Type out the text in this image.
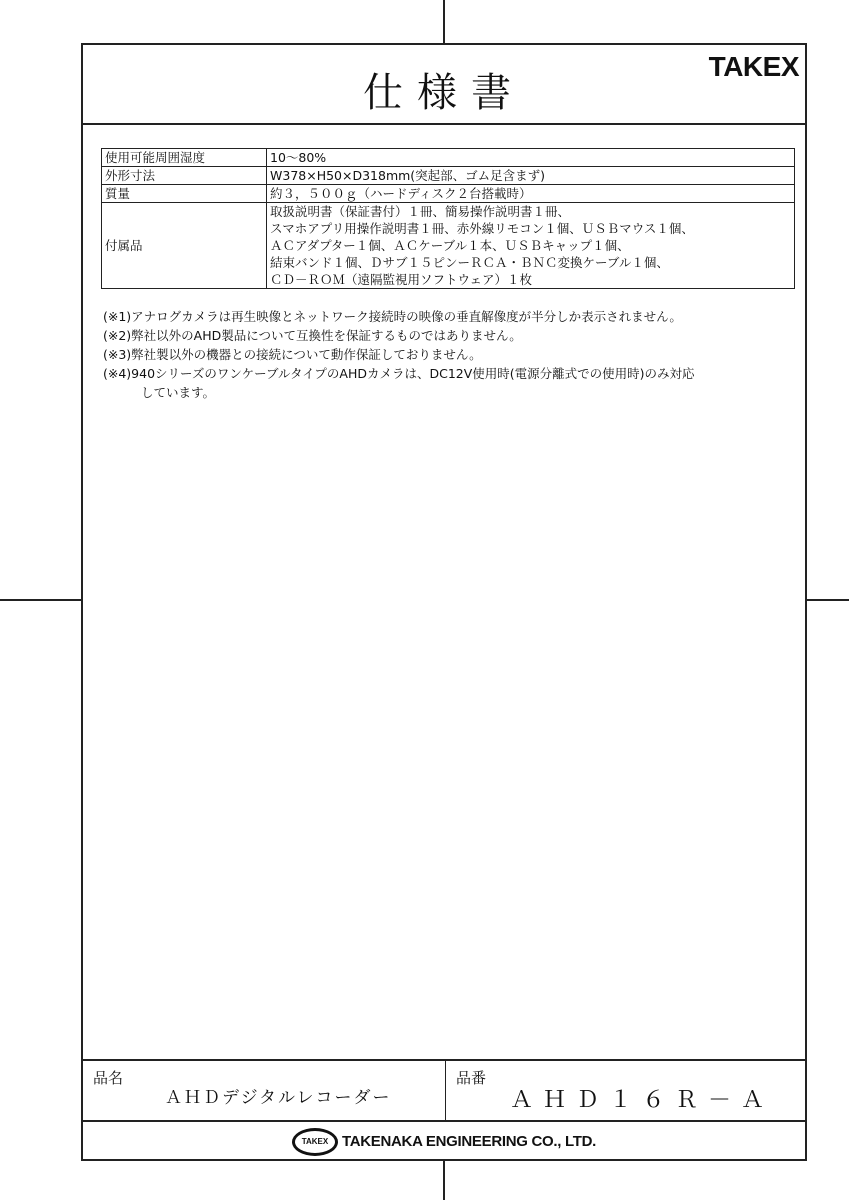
仕様書
TAKEX
使用可能周囲湿度	10～80%
外形寸法	W378×H50×D318mm(突起部、ゴム足含まず)
質量	約３，５００ｇ（ハードディスク２台搭載時）
付属品	取扱説明書（保証書付）１冊、簡易操作説明書１冊、
スマホアプリ用操作説明書１冊、赤外線リモコン１個、ＵＳＢマウス１個、
ＡＣアダプター１個、ＡＣケーブル１本、ＵＳＢキャップ１個、
結束バンド１個、Ｄサブ１５ピンーＲＣＡ・ＢＮＣ変換ケーブル１個、
ＣＤ－ＲＯＭ（遠隔監視用ソフトウェア）１枚
(※1)アナログカメラは再生映像とネットワーク接続時の映像の垂直解像度が半分しか表示されません。
(※2)弊社以外のAHD製品について互換性を保証するものではありません。
(※3)弊社製以外の機器との接続について動作保証しておりません。
(※4)940シリーズのワンケーブルタイプのAHDカメラは、DC12V使用時(電源分離式での使用時)のみ対応
しています。
品名
ＡＨＤデジタルレコーダー
品番
ＡＨＤ１６Ｒ－Ａ
TAKEX TAKENAKA ENGINEERING CO., LTD.
